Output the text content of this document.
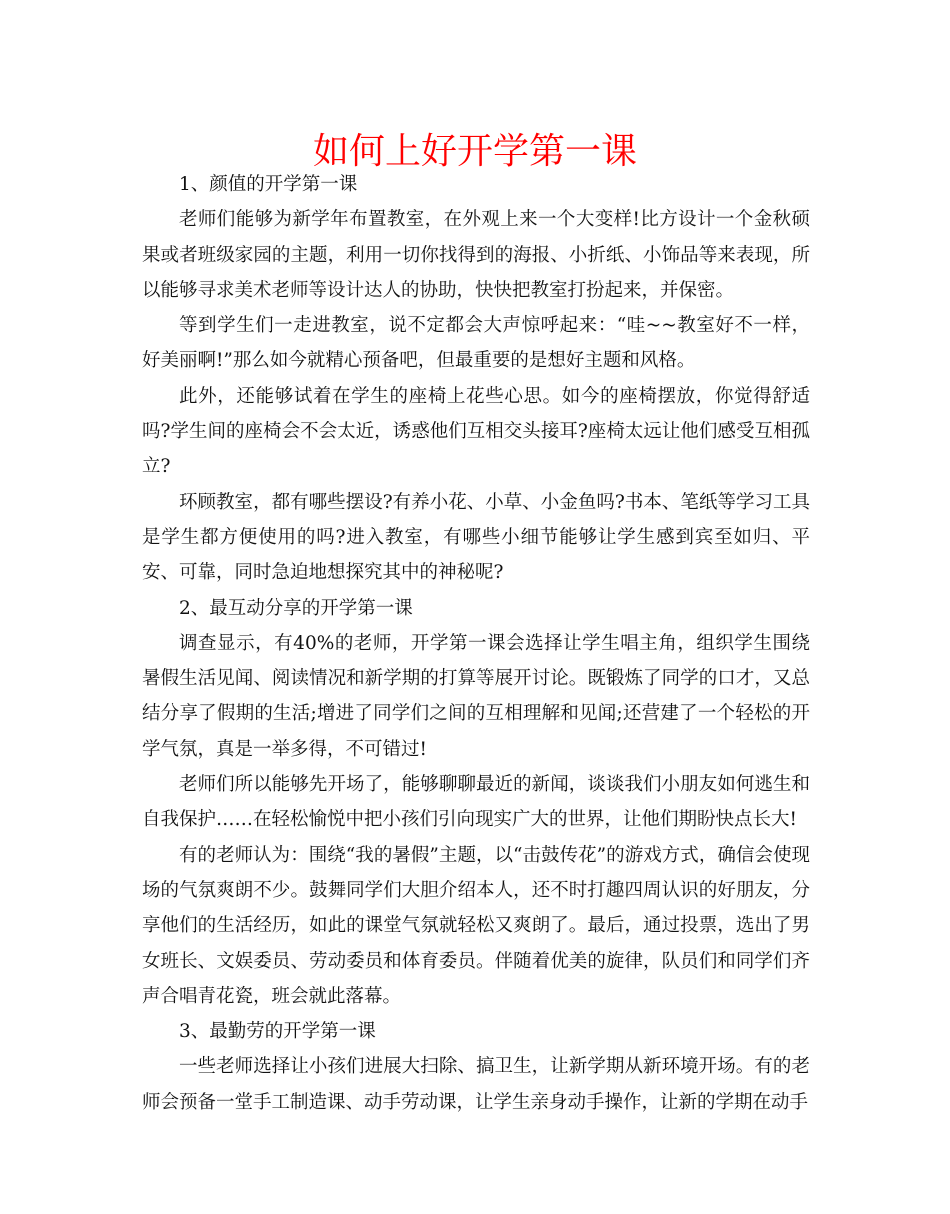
如何上好开学第一课

1、颜值的开学第一课

老师们能够为新学年布置教室，在外观上来一个大变样!比方设计一个金秋硕果或者班级家园的主题，利用一切你找得到的海报、小折纸、小饰品等来表现，所以能够寻求美术老师等设计达人的协助，快快把教室打扮起来，并保密。

等到学生们一走进教室，说不定都会大声惊呼起来：“哇~~教室好不一样，好美丽啊!”那么如今就精心预备吧，但最重要的是想好主题和风格。

此外，还能够试着在学生的座椅上花些心思。如今的座椅摆放，你觉得舒适吗?学生间的座椅会不会太近，诱惑他们互相交头接耳?座椅太远让他们感受互相孤立?

环顾教室，都有哪些摆设?有养小花、小草、小金鱼吗?书本、笔纸等学习工具是学生都方便使用的吗?进入教室，有哪些小细节能够让学生感到宾至如归、平安、可靠，同时急迫地想探究其中的神秘呢?

2、最互动分享的开学第一课

调查显示，有40%的老师，开学第一课会选择让学生唱主角，组织学生围绕暑假生活见闻、阅读情况和新学期的打算等展开讨论。既锻炼了同学的口才，又总结分享了假期的生活;增进了同学们之间的互相理解和见闻;还营建了一个轻松的开学气氛，真是一举多得，不可错过!

老师们所以能够先开场了，能够聊聊最近的新闻，谈谈我们小朋友如何逃生和自我保护……在轻松愉悦中把小孩们引向现实广大的世界，让他们期盼快点长大!

有的老师认为：围绕“我的暑假”主题，以“击鼓传花”的游戏方式，确信会使现场的气氛爽朗不少。鼓舞同学们大胆介绍本人，还不时打趣四周认识的好朋友，分享他们的生活经历，如此的课堂气氛就轻松又爽朗了。最后，通过投票，选出了男女班长、文娱委员、劳动委员和体育委员。伴随着优美的旋律，队员们和同学们齐声合唱青花瓷，班会就此落幕。

3、最勤劳的开学第一课

一些老师选择让小孩们进展大扫除、搞卫生，让新学期从新环境开场。有的老师会预备一堂手工制造课、动手劳动课，让学生亲身动手操作，让新的学期在动手
